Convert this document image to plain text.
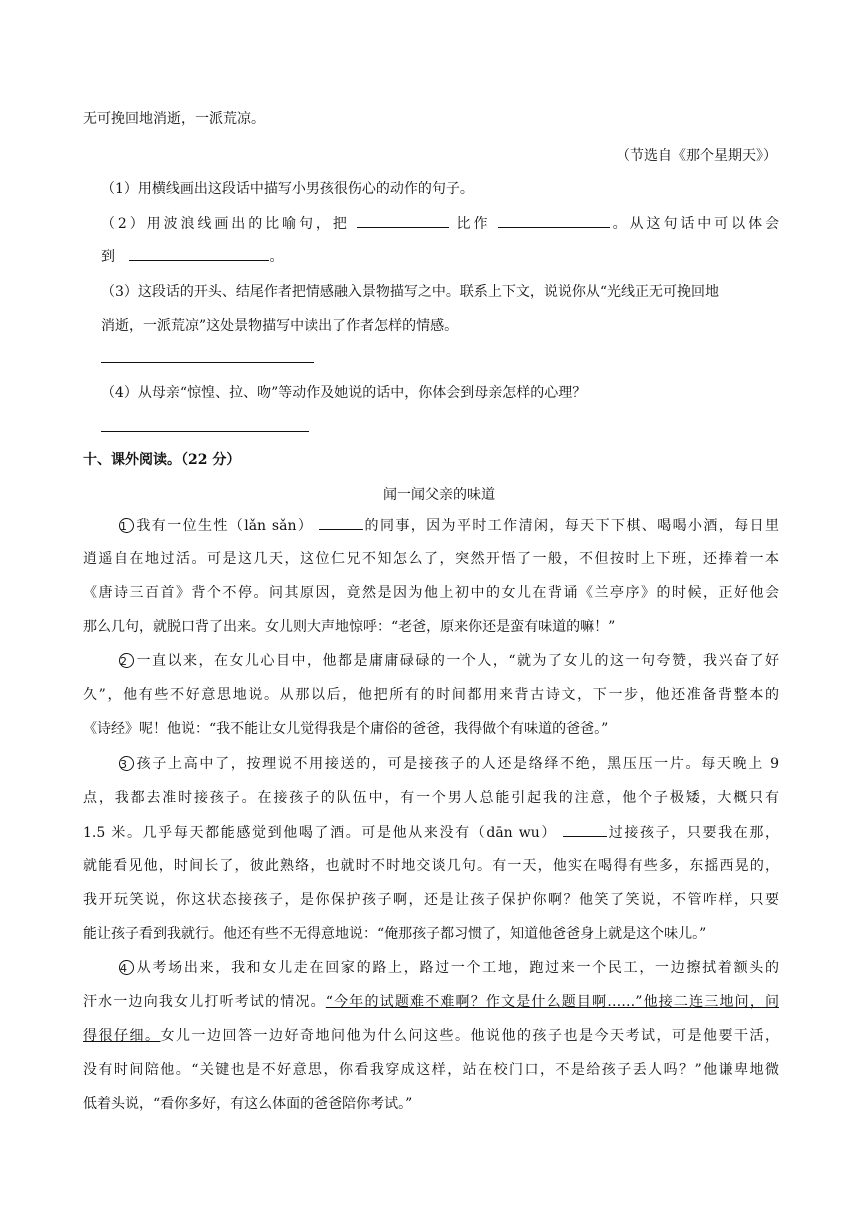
无可挽回地消逝，一派荒凉。
（节选自《那个星期天》）
（1）用横线画出这段话中描写小男孩很伤心的动作的句子。
（2）用波浪线画出的比喻句，把	比作	。从这句话中可以体会
到	。
（3）这段话的开头、结尾作者把情感融入景物描写之中。联系上下文，说说你从“光线正无可挽回地
消逝，一派荒凉”这处景物描写中读出了作者怎样的情感。
（4）从母亲“惊惶、拉、吻”等动作及她说的话中，你体会到母亲怎样的心理？
十、课外阅读。（22 分）
闻一闻父亲的味道
1 我有一位生性（lǎn sǎn）	的同事，因为平时工作清闲，每天下下棋、喝喝小酒，每日里
逍遥自在地过活。可是这几天，这位仁兄不知怎么了，突然开悟了一般，不但按时上下班，还捧着一本
《唐诗三百首》背个不停。问其原因，竟然是因为他上初中的女儿在背诵《兰亭序》的时候，正好他会
那么几句，就脱口背了出来。女儿则大声地惊呼：“老爸，原来你还是蛮有味道的嘛！”
2 一直以来，在女儿心目中，他都是庸庸碌碌的一个人，“就为了女儿的这一句夸赞，我兴奋了好
久”，他有些不好意思地说。从那以后，他把所有的时间都用来背古诗文，下一步，他还准备背整本的
《诗经》呢！他说：“我不能让女儿觉得我是个庸俗的爸爸，我得做个有味道的爸爸。”
3 孩子上高中了，按理说不用接送的，可是接孩子的人还是络绎不绝，黑压压一片。每天晚上 9
点，我都去准时接孩子。在接孩子的队伍中，有一个男人总能引起我的注意，他个子极矮，大概只有
1.5 米。几乎每天都能感觉到他喝了酒。可是他从来没有（dān wu）	过接孩子，只要我在那，
就能看见他，时间长了，彼此熟络，也就时不时地交谈几句。有一天，他实在喝得有些多，东摇西晃的，
我开玩笑说，你这状态接孩子，是你保护孩子啊，还是让孩子保护你啊？他笑了笑说，不管咋样，只要
能让孩子看到我就行。他还有些不无得意地说：“俺那孩子都习惯了，知道他爸爸身上就是这个味儿。”
4 从考场出来，我和女儿走在回家的路上，路过一个工地，跑过来一个民工，一边擦拭着额头的
汗水一边向我女儿打听考试的情况。“今年的试题难不难啊？作文是什么题目啊……”他接二连三地问，问
得很仔细。女儿一边回答一边好奇地问他为什么问这些。他说他的孩子也是今天考试，可是他要干活，
没有时间陪他。“关键也是不好意思，你看我穿成这样，站在校门口，不是给孩子丢人吗？”他谦卑地微
低着头说，“看你多好，有这么体面的爸爸陪你考试。”
